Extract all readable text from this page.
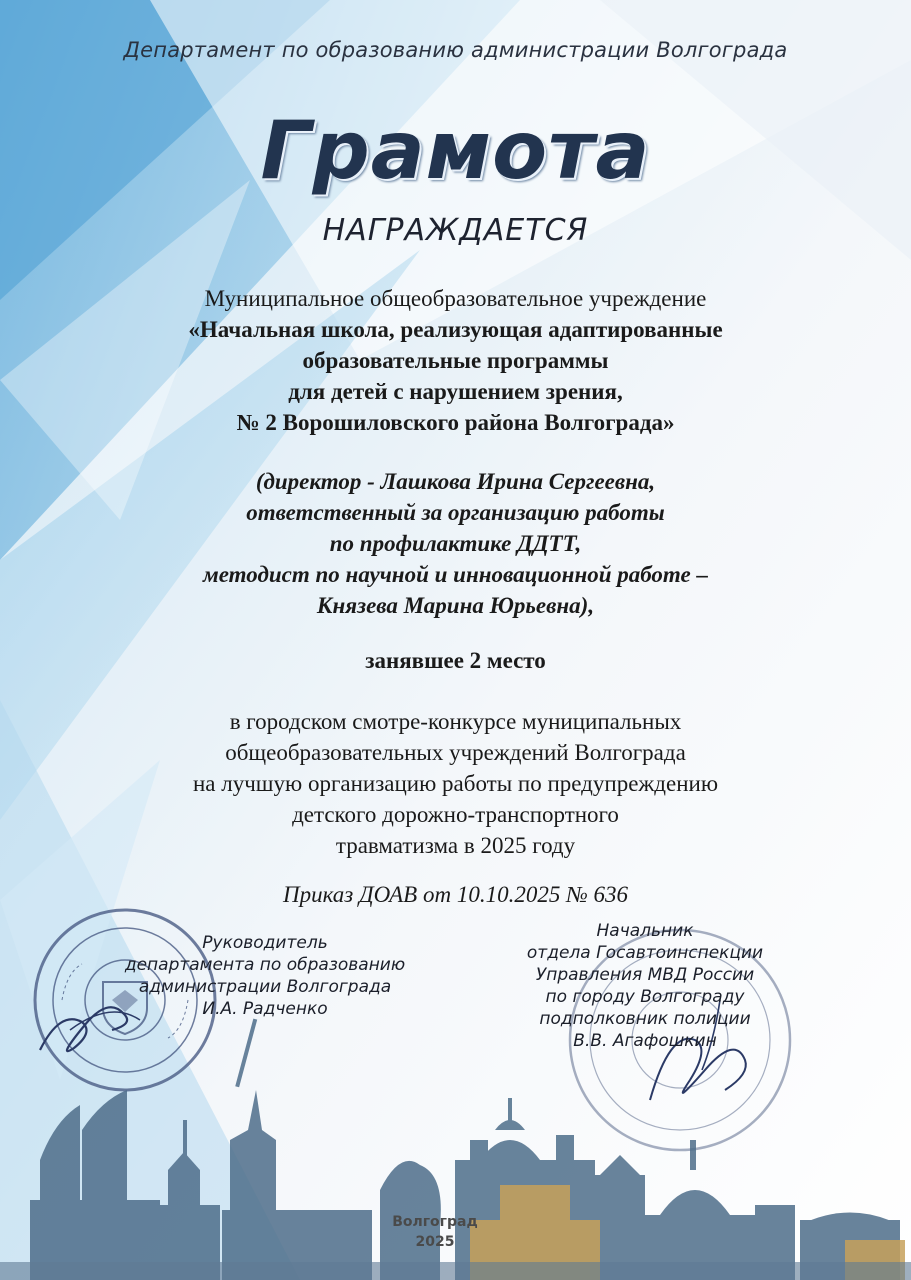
Департамент по образованию администрации Волгограда

Грамота

НАГРАЖДАЕТСЯ

Муниципальное общеобразовательное учреждение
«Начальная школа, реализующая адаптированные
образовательные программы
для детей с нарушением зрения,
№ 2 Ворошиловского района Волгограда»
(директор - Лашкова Ирина Сергеевна,
ответственный за организацию работы
по профилактике ДДТТ,
методист по научной и инновационной работе –
Князева Марина Юрьевна),

занявшее 2 место

в городском смотре-конкурсе муниципальных
общеобразовательных учреждений Волгограда
на лучшую организацию работы по предупреждению
детского дорожно-транспортного
травматизма в 2025 году

Приказ ДОАВ от 10.10.2025 № 636

Руководитель
департамента по образованию
администрации Волгограда
И.А. Радченко
Начальник
отдела Госавтоинспекции
Управления МВД России
по городу Волгограду
подполковник полиции
В.В. Агафошкин
Волгоград
2025
